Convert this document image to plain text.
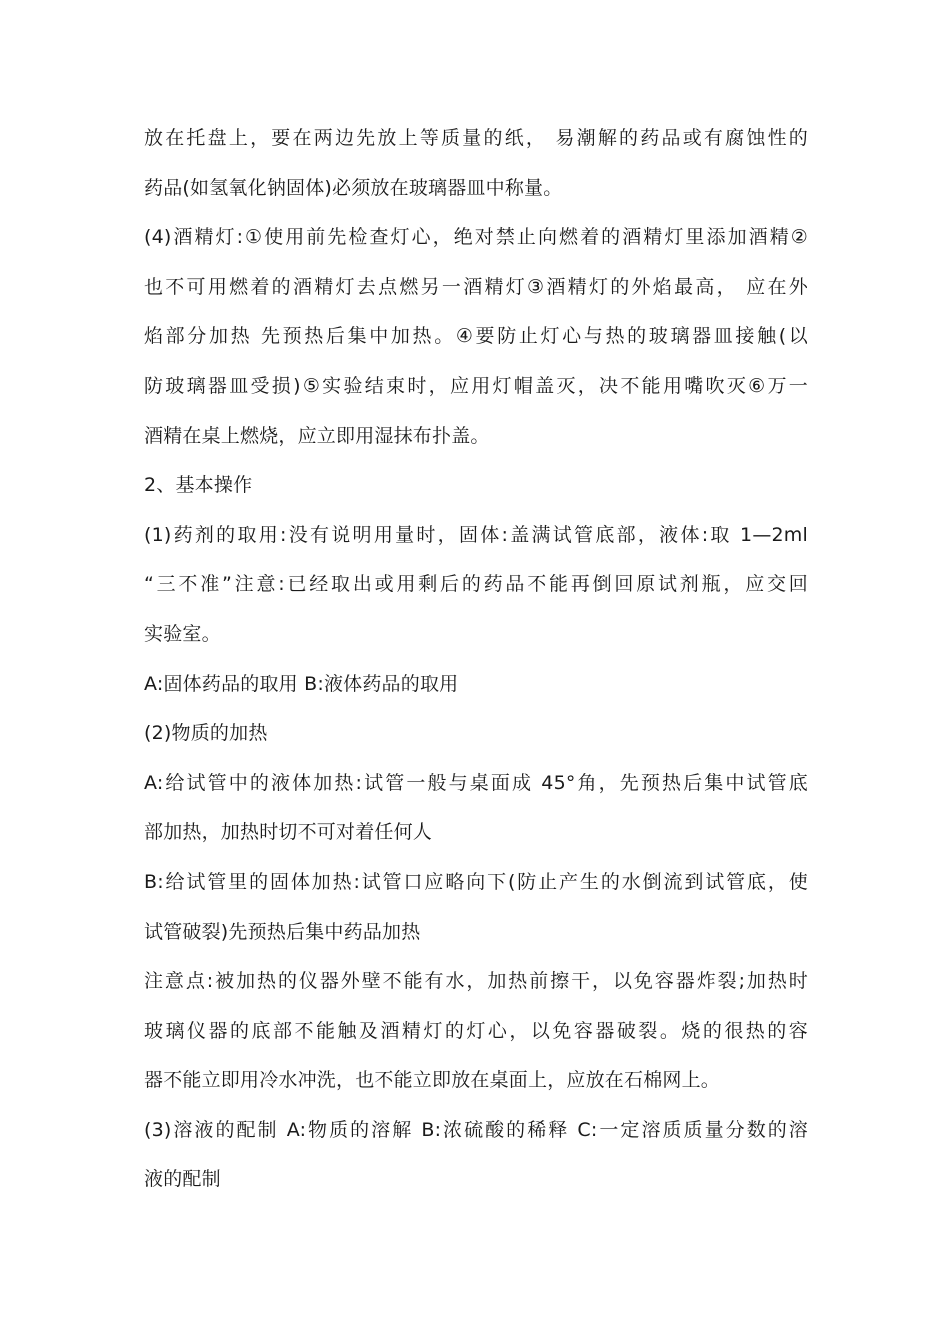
放在托盘上，要在两边先放上等质量的纸， 易潮解的药品或有腐蚀性的
药品(如氢氧化钠固体)必须放在玻璃器皿中称量。
(4)酒精灯:①使用前先检查灯心，绝对禁止向燃着的酒精灯里添加酒精②
也不可用燃着的酒精灯去点燃另一酒精灯③酒精灯的外焰最高， 应在外
焰部分加热 先预热后集中加热。④要防止灯心与热的玻璃器皿接触(以
防玻璃器皿受损)⑤实验结束时，应用灯帽盖灭，决不能用嘴吹灭⑥万一
酒精在桌上燃烧，应立即用湿抹布扑盖。
2、基本操作
(1)药剂的取用:没有说明用量时，固体:盖满试管底部，液体:取 1—2ml
“三不准”注意:已经取出或用剩后的药品不能再倒回原试剂瓶，应交回
实验室。
A:固体药品的取用 B:液体药品的取用
(2)物质的加热
A:给试管中的液体加热:试管一般与桌面成 45°角，先预热后集中试管底
部加热，加热时切不可对着任何人
B:给试管里的固体加热:试管口应略向下(防止产生的水倒流到试管底，使
试管破裂)先预热后集中药品加热
注意点:被加热的仪器外壁不能有水，加热前擦干，以免容器炸裂;加热时
玻璃仪器的底部不能触及酒精灯的灯心，以免容器破裂。烧的很热的容
器不能立即用冷水冲洗，也不能立即放在桌面上，应放在石棉网上。
(3)溶液的配制 A:物质的溶解 B:浓硫酸的稀释 C:一定溶质质量分数的溶
液的配制
